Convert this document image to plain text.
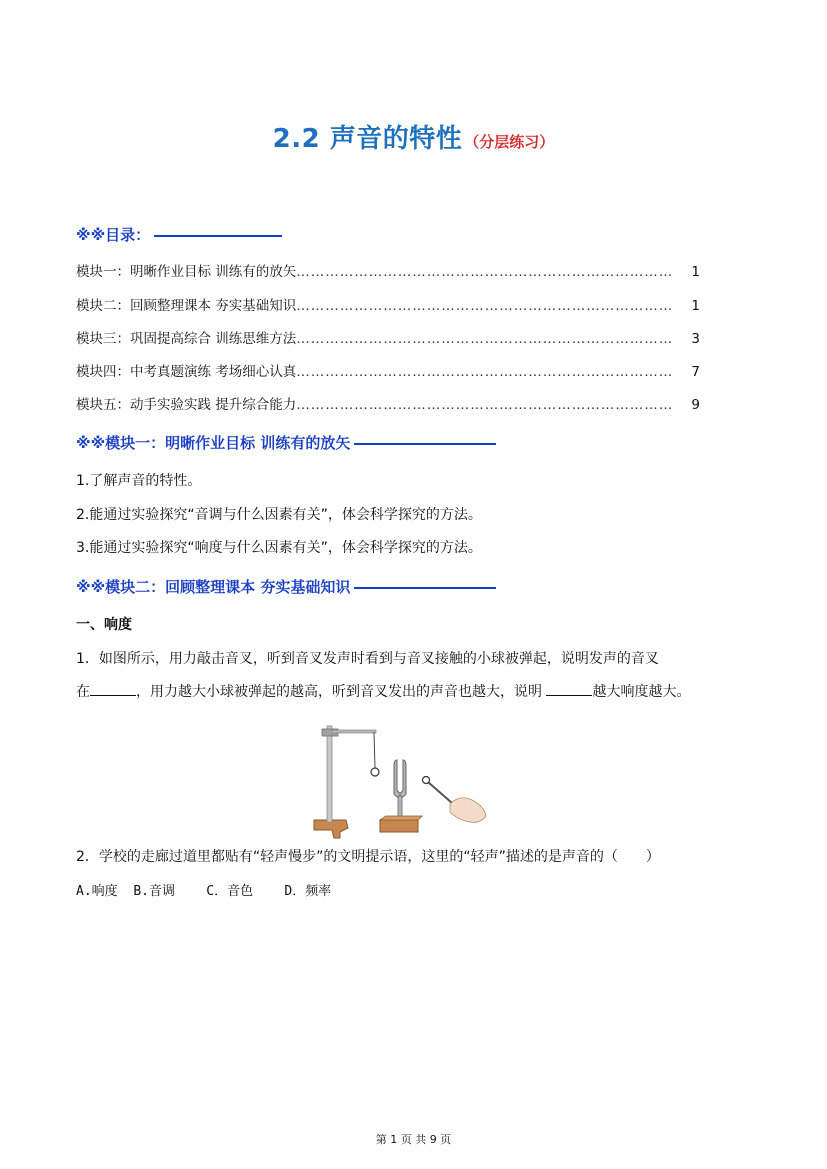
2.2 声音的特性 （分层练习）
※※目录：
模块一：明晰作业目标 训练有的放矢 ……………………………………………………………………	1
模块二：回顾整理课本 夯实基础知识 ……………………………………………………………………	1
模块三：巩固提高综合 训练思维方法 ……………………………………………………………………	3
模块四：中考真题演练 考场细心认真 ……………………………………………………………………	7
模块五：动手实验实践 提升综合能力 ……………………………………………………………………	9
※※模块一：明晰作业目标 训练有的放矢
1.了解声音的特性。
2.能通过实验探究“音调与什么因素有关”，体会科学探究的方法。
3.能通过实验探究“响度与什么因素有关”，体会科学探究的方法。
※※模块二：回顾整理课本 夯实基础知识
一、响度
1．如图所示，用力敲击音叉，听到音叉发声时看到与音叉接触的小球被弹起，说明发声的音叉
在	，用力越大小球被弹起的越高，听到音叉发出的声音也越大，说明	越大响度越大。
2．学校的走廊过道里都贴有“轻声慢步”的文明提示语，这里的“轻声”描述的是声音的（　　）
A.响度 B.音调 C．音色 D．频率
第 1 页 共 9 页
